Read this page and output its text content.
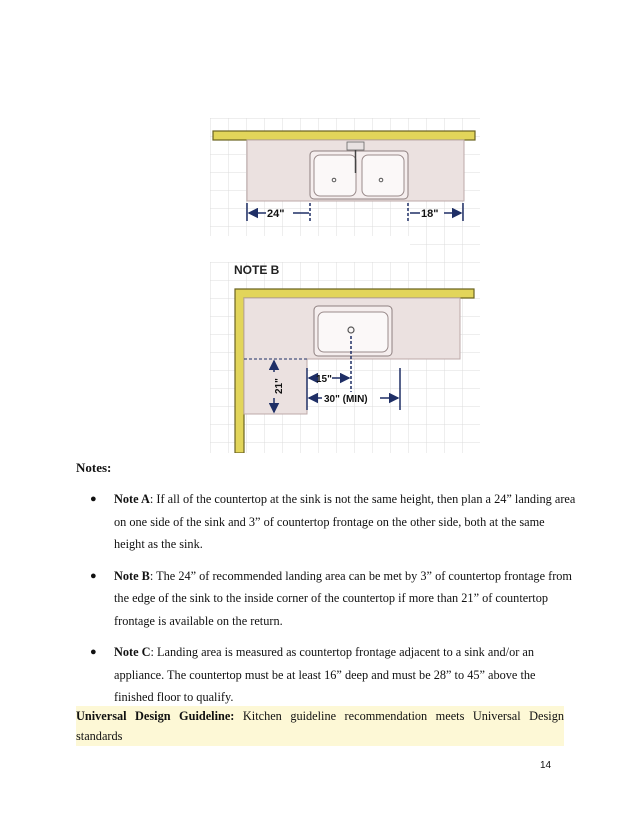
24"	18"
NOTE B
21"	15"
30" (MIN)
Notes:
● Note A: If all of the countertop at the sink is not the same height, then plan a 24” landing area on one side of the sink and 3” of countertop frontage on the other side, both at the same height as the sink.
● Note B: The 24” of recommended landing area can be met by 3” of countertop frontage from the edge of the sink to the inside corner of the countertop if more than 21” of countertop frontage is available on the return.
● Note C: Landing area is measured as countertop frontage adjacent to a sink and/or an appliance. The countertop must be at least 16” deep and must be 28” to 45” above the finished floor to qualify.
Universal Design Guideline: Kitchen guideline recommendation meets Universal Design standards
14
